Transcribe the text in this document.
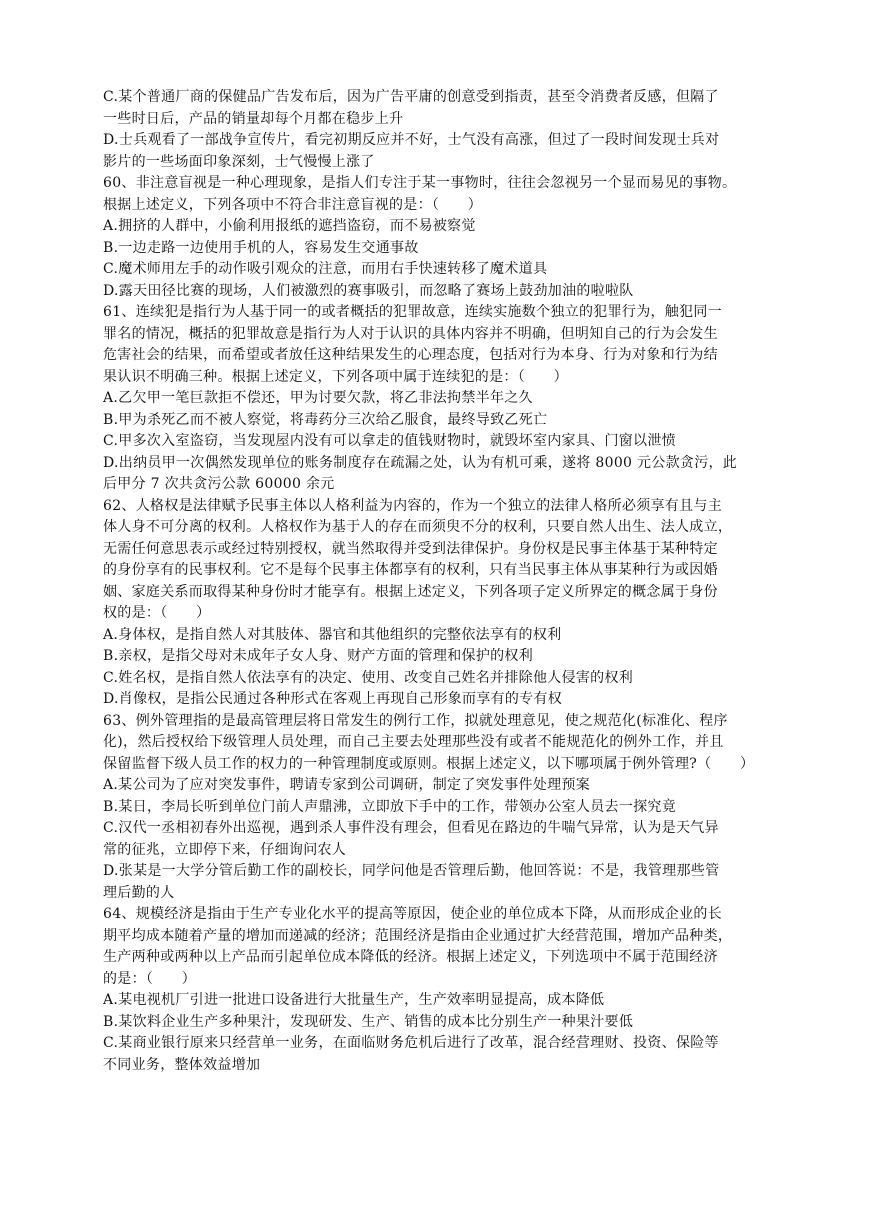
C.某个普通厂商的保健品广告发布后，因为广告平庸的创意受到指责，甚至令消费者反感，但隔了
一些时日后，产品的销量却每个月都在稳步上升
D.士兵观看了一部战争宣传片，看完初期反应并不好，士气没有高涨，但过了一段时间发现士兵对
影片的一些场面印象深刻，士气慢慢上涨了
60、非注意盲视是一种心理现象，是指人们专注于某一事物时，往往会忽视另一个显而易见的事物。
根据上述定义，下列各项中不符合非注意盲视的是：（　　）
A.拥挤的人群中，小偷利用报纸的遮挡盗窃，而不易被察觉
B.一边走路一边使用手机的人，容易发生交通事故
C.魔术师用左手的动作吸引观众的注意，而用右手快速转移了魔术道具
D.露天田径比赛的现场，人们被激烈的赛事吸引，而忽略了赛场上鼓劲加油的啦啦队
61、连续犯是指行为人基于同一的或者概括的犯罪故意，连续实施数个独立的犯罪行为，触犯同一
罪名的情况，概括的犯罪故意是指行为人对于认识的具体内容并不明确，但明知自己的行为会发生
危害社会的结果，而希望或者放任这种结果发生的心理态度，包括对行为本身、行为对象和行为结
果认识不明确三种。根据上述定义，下列各项中属于连续犯的是：（　　）
A.乙欠甲一笔巨款拒不偿还，甲为讨要欠款，将乙非法拘禁半年之久
B.甲为杀死乙而不被人察觉，将毒药分三次给乙服食，最终导致乙死亡
C.甲多次入室盗窃，当发现屋内没有可以拿走的值钱财物时，就毁坏室内家具、门窗以泄愤
D.出纳员甲一次偶然发现单位的账务制度存在疏漏之处，认为有机可乘，遂将 8000 元公款贪污，此
后甲分 7 次共贪污公款 60000 余元
62、人格权是法律赋予民事主体以人格利益为内容的，作为一个独立的法律人格所必须享有且与主
体人身不可分离的权利。人格权作为基于人的存在而须臾不分的权利，只要自然人出生、法人成立，
无需任何意思表示或经过特别授权，就当然取得并受到法律保护。身份权是民事主体基于某种特定
的身份享有的民事权利。它不是每个民事主体都享有的权利，只有当民事主体从事某种行为或因婚
姻、家庭关系而取得某种身份时才能享有。根据上述定义，下列各项子定义所界定的概念属于身份
权的是：（　　）
A.身体权，是指自然人对其肢体、器官和其他组织的完整依法享有的权利
B.亲权，是指父母对未成年子女人身、财产方面的管理和保护的权利
C.姓名权，是指自然人依法享有的决定、使用、改变自己姓名并排除他人侵害的权利
D.肖像权，是指公民通过各种形式在客观上再现自己形象而享有的专有权
63、例外管理指的是最高管理层将日常发生的例行工作，拟就处理意见，使之规范化(标准化、程序
化)，然后授权给下级管理人员处理，而自己主要去处理那些没有或者不能规范化的例外工作，并且
保留监督下级人员工作的权力的一种管理制度或原则。根据上述定义，以下哪项属于例外管理?（　　）
A.某公司为了应对突发事件，聘请专家到公司调研，制定了突发事件处理预案
B.某日，李局长听到单位门前人声鼎沸，立即放下手中的工作，带领办公室人员去一探究竟
C.汉代一丞相初春外出巡视，遇到杀人事件没有理会，但看见在路边的牛喘气异常，认为是天气异
常的征兆，立即停下来，仔细询问农人
D.张某是一大学分管后勤工作的副校长，同学问他是否管理后勤，他回答说：不是，我管理那些管
理后勤的人
64、规模经济是指由于生产专业化水平的提高等原因，使企业的单位成本下降，从而形成企业的长
期平均成本随着产量的增加而递减的经济；范围经济是指由企业通过扩大经营范围，增加产品种类，
生产两种或两种以上产品而引起单位成本降低的经济。根据上述定义，下列选项中不属于范围经济
的是：（　　）
A.某电视机厂引进一批进口设备进行大批量生产，生产效率明显提高，成本降低
B.某饮料企业生产多种果汁，发现研发、生产、销售的成本比分别生产一种果汁要低
C.某商业银行原来只经营单一业务，在面临财务危机后进行了改革，混合经营理财、投资、保险等
不同业务，整体效益增加
